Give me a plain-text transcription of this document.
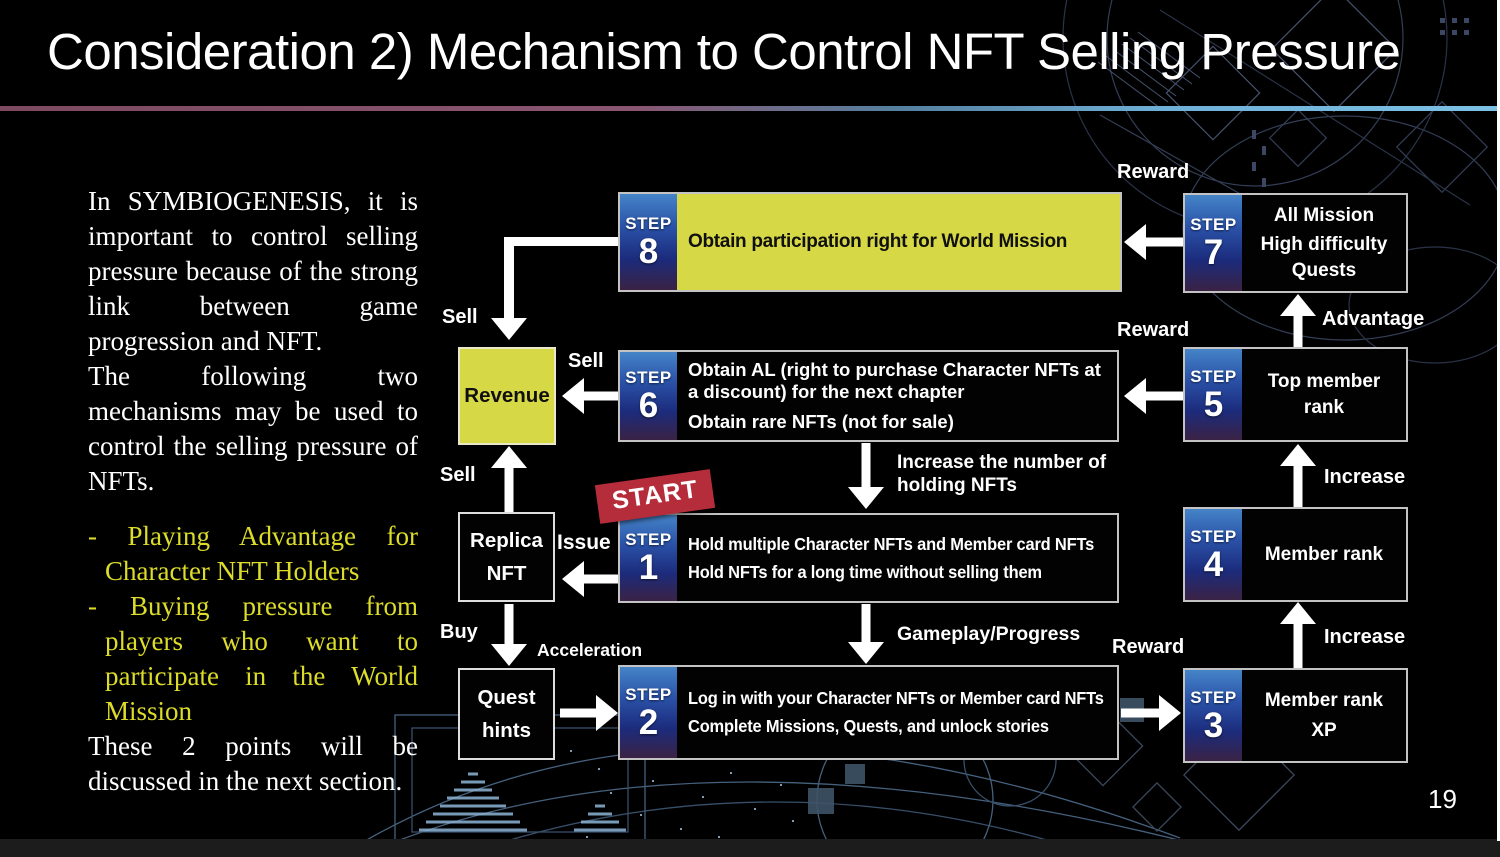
Consideration 2) Mechanism to Control NFT Selling Pressure

In SYMBIOGENESIS, it is important to control selling pressure because of the strong link between game progression and NFT.

The following two mechanisms may be used to control the selling pressure of NFTs.

- Playing Advantage for Character NFT Holders
- Buying pressure from players who want to participate in the World Mission

These 2 points will be discussed in the next section.

Revenue
Replica
NFT
Quest
hints
STEP
8 Obtain participation right for World Mission
STEP
6
Obtain AL (right to purchase Character NFTs at a discount) for the next chapter
Obtain rare NFTs (not for sale)
STEP
1
Hold multiple Character NFTs and Member card NFTs
Hold NFTs for a long time without selling them
STEP
2
Log in with your Character NFTs or Member card NFTs
Complete Missions, Quests, and unlock stories
STEP
7
All Mission
High difficulty Quests
STEP
5
Top member rank
STEP
4 Member rank
STEP
3
Member rank
XP
START
Sell
Sell
Sell
Issue
Buy
Acceleration
Reward
Reward
Reward
Advantage
Increase
Increase
Increase the number of holding NFTs
Gameplay/Progress
19
